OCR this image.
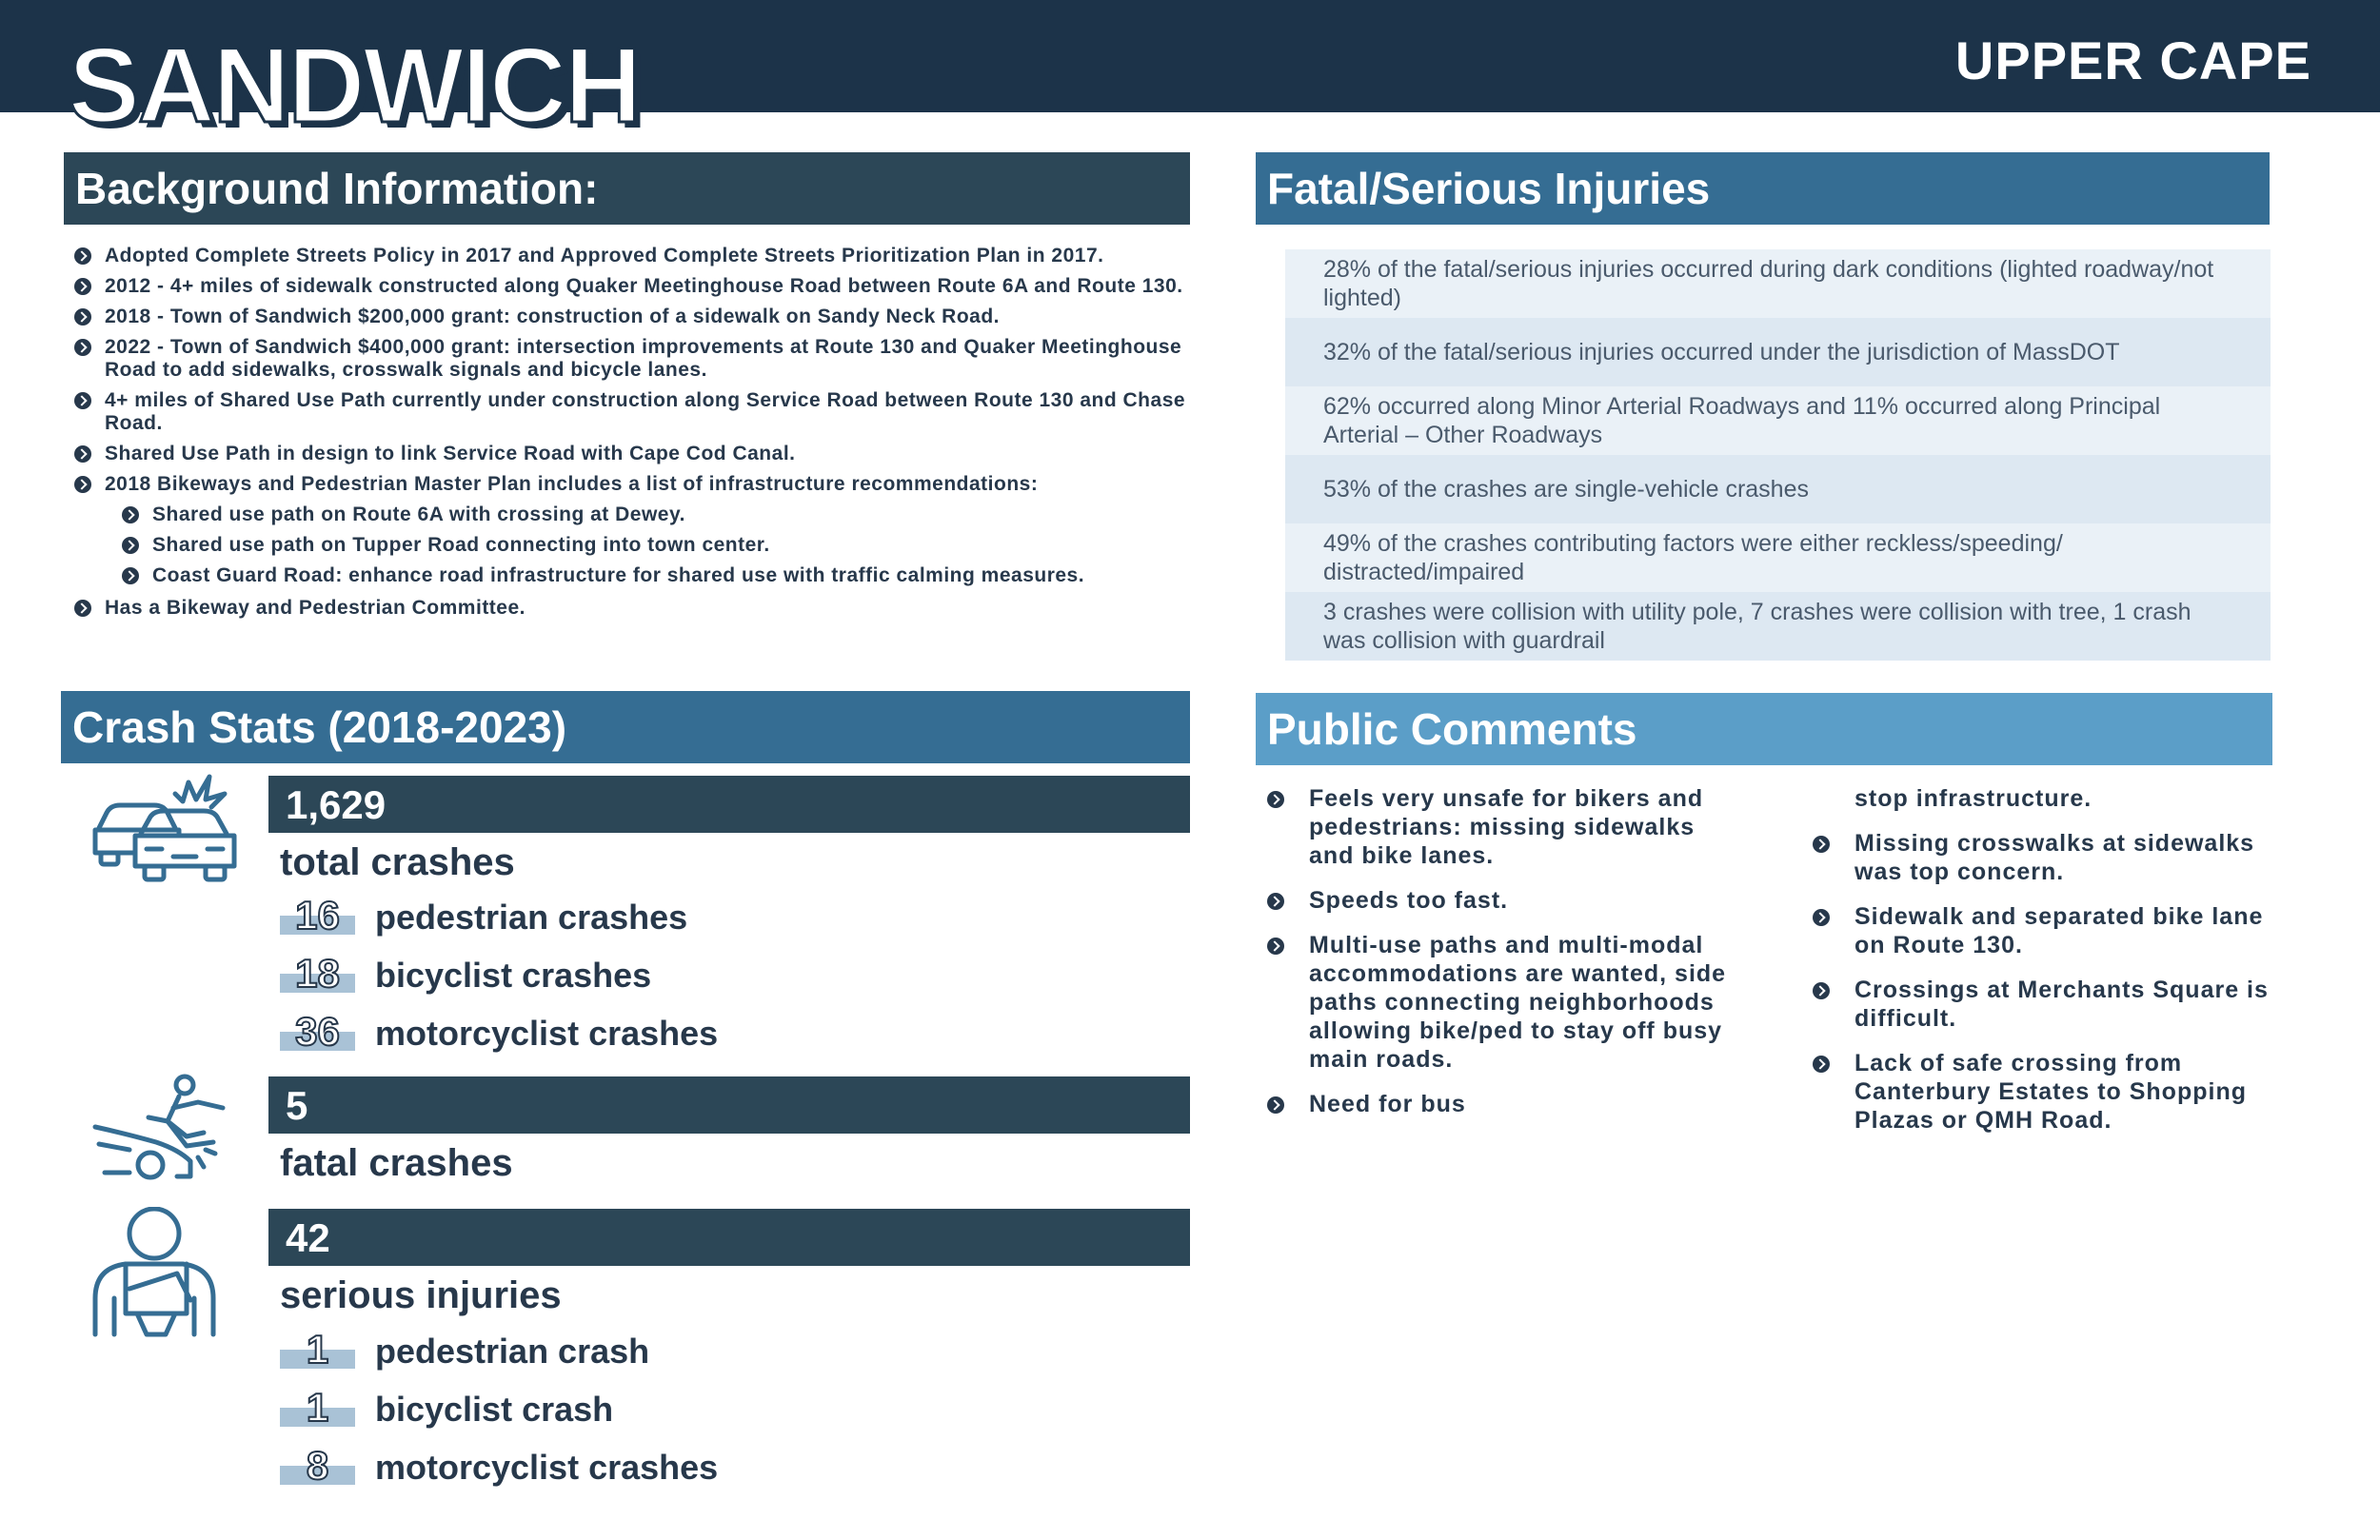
SANDWICH	UPPER CAPE
Background Information:
Adopted Complete Streets Policy in 2017 and Approved Complete Streets Prioritization Plan in 2017.
2012 - 4+ miles of sidewalk constructed along Quaker Meetinghouse Road between Route 6A and Route 130.
2018 - Town of Sandwich $200,000 grant: construction of a sidewalk on Sandy Neck Road.
2022 - Town of Sandwich $400,000 grant: intersection improvements at Route 130 and Quaker Meetinghouse Road to add sidewalks, crosswalk signals and bicycle lanes.
4+ miles of Shared Use Path currently under construction along Service Road between Route 130 and Chase Road.
Shared Use Path in design to link Service Road with Cape Cod Canal.
2018 Bikeways and Pedestrian Master Plan includes a list of infrastructure recommendations:
Shared use path on Route 6A with crossing at Dewey.
Shared use path on Tupper Road connecting into town center.
Coast Guard Road: enhance road infrastructure for shared use with traffic calming measures.
Has a Bikeway and Pedestrian Committee.
Fatal/Serious Injuries
28% of the fatal/serious injuries occurred during dark conditions (lighted roadway/not lighted)
32% of the fatal/serious injuries occurred under the jurisdiction of MassDOT
62% occurred along Minor Arterial Roadways and 11% occurred along Principal Arterial – Other Roadways
53% of the crashes are single-vehicle crashes
49% of the crashes contributing factors were either reckless/speeding/ distracted/impaired
3 crashes were collision with utility pole, 7 crashes were collision with tree, 1 crash was collision with guardrail
Crash Stats (2018-2023)
1,629
total crashes
16	pedestrian crashes
18	bicyclist crashes
36	motorcyclist crashes
5
fatal crashes
42
serious injuries
1	pedestrian crash
1	bicyclist crash
8	motorcyclist crashes
Public Comments
Feels very unsafe for bikers and pedestrians: missing sidewalks and bike lanes.
Speeds too fast.
Multi-use paths and multi-modal accommodations are wanted, side paths connecting neighborhoods allowing bike/ped to stay off busy main roads.
Need for bus
stop infrastructure.
Missing crosswalks at sidewalks was top concern.
Sidewalk and separated bike lane on Route 130.
Crossings at Merchants Square is difficult.
Lack of safe crossing from Canterbury Estates to Shopping Plazas or QMH Road.
